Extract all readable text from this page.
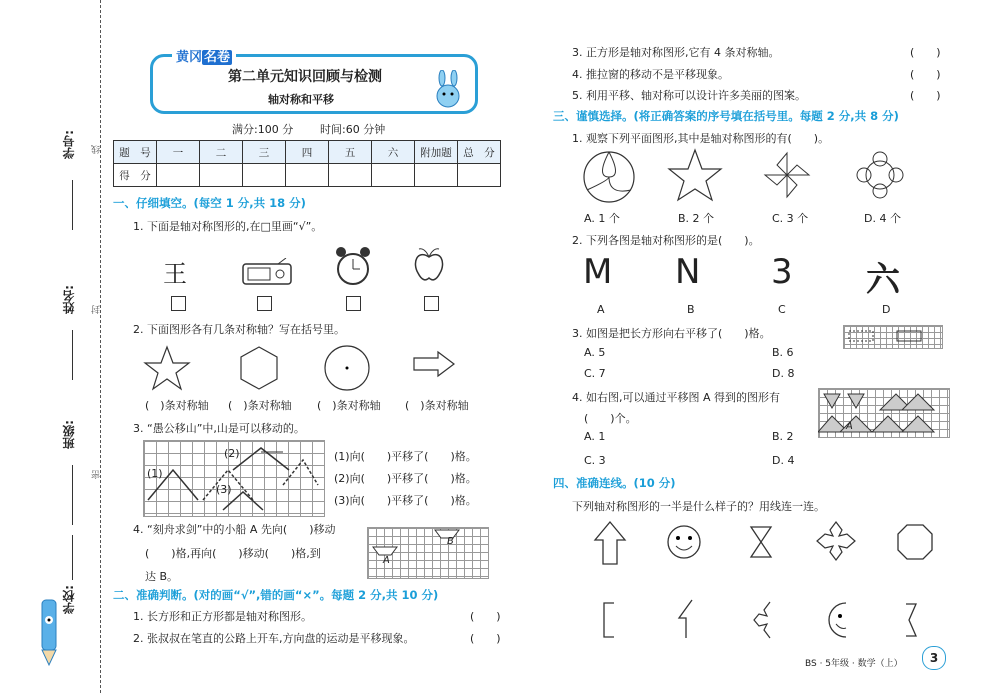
学号:
姓名:
班级:
学校:
线
封
密
黄冈 名卷
第二单元知识回顾与检测
轴对称和平移
满分:100 分 时间:60 分钟
题　号	一	二	三	四	五	六	附加题	总　分
得　分								
一、仔细填空。(每空 1 分,共 18 分)
1. 下面是轴对称图形的,在□里画“√”。
王
2. 下面图形各有几条对称轴？写在括号里。
(　)条对称轴 (　)条对称轴 (　)条对称轴 (　)条对称轴
3. “愚公移山”中,山是可以移动的。
(1)
(2)
(3)
(1)向(　　)平移了(　　)格。
(2)向(　　)平移了(　　)格。
(3)向(　　)平移了(　　)格。
4. “刻舟求剑”中的小船 A 先向(　　)移动
(　　)格,再向(　　)移动(　　)格,到
达 B。
A
B
二、准确判断。(对的画“√”,错的画“×”。每题 2 分,共 10 分)
1. 长方形和正方形都是轴对称图形。	(　　)
2. 张叔叔在笔直的公路上开车,方向盘的运动是平移现象。	(　　)
3. 正方形是轴对称图形,它有 4 条对称轴。	(　　)
4. 推拉窗的移动不是平移现象。	(　　)
5. 利用平移、轴对称可以设计许多美丽的图案。	(　　)
三、谨慎选择。(将正确答案的序号填在括号里。每题 2 分,共 8 分)
1. 观察下列平面图形,其中是轴对称图形的有(　　)。
A. 1 个	B. 2 个	C. 3 个	D. 4 个
2. 下列各图是轴对称图形的是(　　)。
M N 3 六
A	B	C	D
3. 如图是把长方形向右平移了(　　)格。
A. 5	B. 6
C. 7	D. 8
4. 如右图,可以通过平移图 A 得到的图形有
(　　)个。
A
A. 1	B. 2
C. 3	D. 4
四、准确连线。(10 分)
下列轴对称图形的一半是什么样子的？用线连一连。
BS · 5年级 · 数学（上）	3
